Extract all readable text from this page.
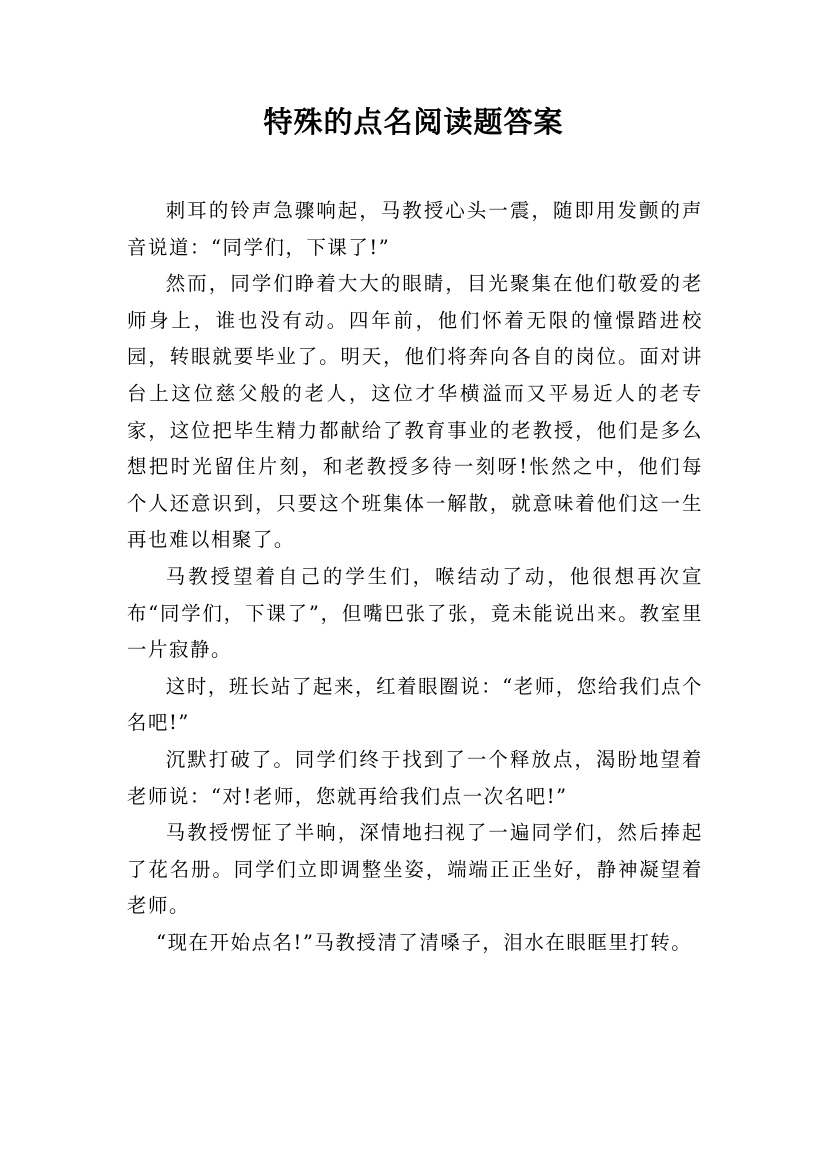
特殊的点名阅读题答案

刺耳的铃声急骤响起，马教授心头一震，随即用发颤的声音说道：“同学们，下课了!”

然而，同学们睁着大大的眼睛，目光聚集在他们敬爱的老师身上，谁也没有动。四年前，他们怀着无限的憧憬踏进校园，转眼就要毕业了。明天，他们将奔向各自的岗位。面对讲台上这位慈父般的老人，这位才华横溢而又平易近人的老专家，这位把毕生精力都献给了教育事业的老教授，他们是多么想把时光留住片刻，和老教授多待一刻呀!怅然之中，他们每个人还意识到，只要这个班集体一解散，就意味着他们这一生再也难以相聚了。

马教授望着自己的学生们，喉结动了动，他很想再次宣布“同学们，下课了”，但嘴巴张了张，竟未能说出来。教室里一片寂静。

这时，班长站了起来，红着眼圈说：“老师，您给我们点个名吧!”

沉默打破了。同学们终于找到了一个释放点，渴盼地望着老师说：“对!老师，您就再给我们点一次名吧!”

马教授愣怔了半晌，深情地扫视了一遍同学们，然后捧起了花名册。同学们立即调整坐姿，端端正正坐好，静神凝望着老师。

“现在开始点名!”马教授清了清嗓子，泪水在眼眶里打转。
